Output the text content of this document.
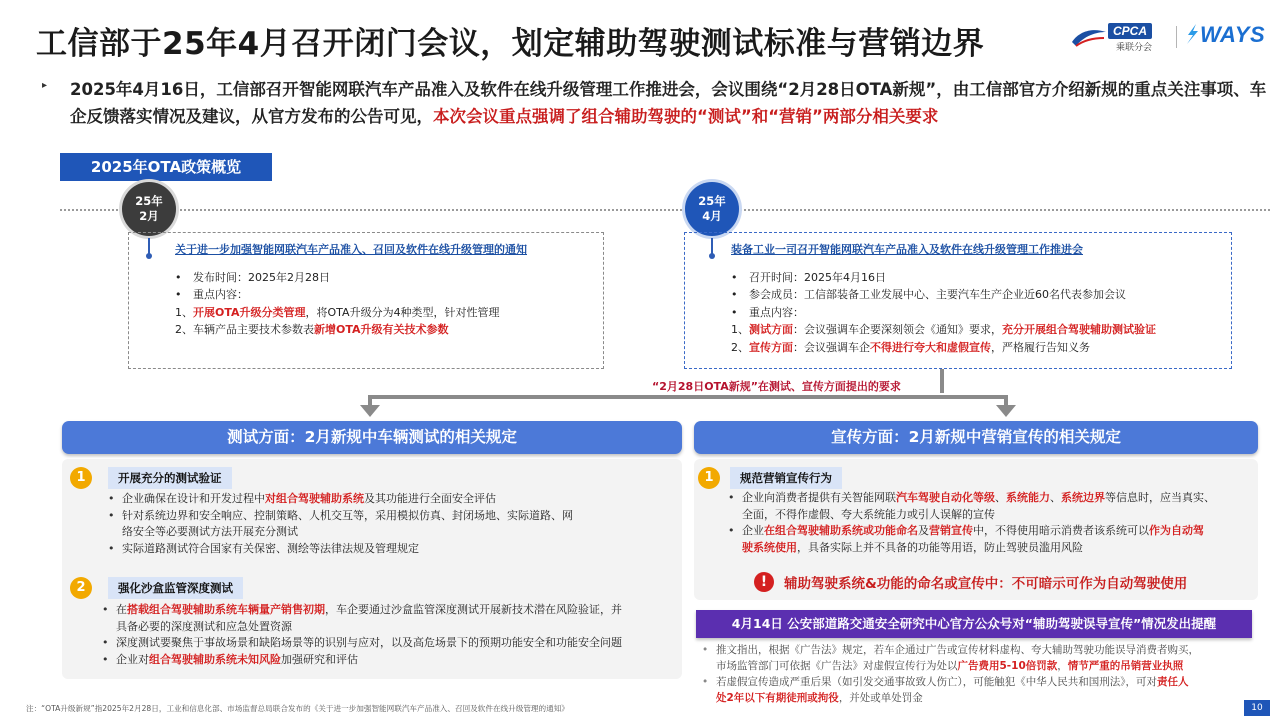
工信部于25年4月召开闭门会议，划定辅助驾驶测试标准与营销边界	CPCA
乘联分会
WAYS
▸ 2025年4月16日，工信部召开智能网联汽车产品准入及软件在线升级管理工作推进会，会议围绕“2月28日OTA新规”，由工信部官方介绍新规的重点关注事项、车企反馈落实情况及建议，从官方发布的公告可见，本次会议重点强调了组合辅助驾驶的“测试”和“营销”两部分相关要求
2025年OTA政策概览
25年
2月
25年
4月
关于进一步加强智能网联汽车产品准入、召回及软件在线升级管理的通知
• 发布时间：2025年2月28日
• 重点内容：
1、开展OTA升级分类管理，将OTA升级分为4种类型，针对性管理
2、车辆产品主要技术参数表新增OTA升级有关技术参数
装备工业一司召开智能网联汽车产品准入及软件在线升级管理工作推进会
• 召开时间：2025年4月16日
• 参会成员：工信部装备工业发展中心、主要汽车生产企业近60名代表参加会议
• 重点内容：
1、测试方面：会议强调车企要深刻领会《通知》要求，充分开展组合驾驶辅助测试验证
2、宣传方面：会议强调车企不得进行夸大和虚假宣传，严格履行告知义务
“2月28日OTA新规”在测试、宣传方面提出的要求
测试方面：2月新规中车辆测试的相关规定
1	开展充分的测试验证
• 企业确保在设计和开发过程中对组合驾驶辅助系统及其功能进行全面安全评估
• 针对系统边界和安全响应、控制策略、人机交互等，采用模拟仿真、封闭场地、实际道路、网
络安全等必要测试方法开展充分测试
• 实际道路测试符合国家有关保密、测绘等法律法规及管理规定
2	强化沙盒监管深度测试
• 在搭载组合驾驶辅助系统车辆量产销售初期，车企要通过沙盒监管深度测试开展新技术潜在风险验证，并
具备必要的深度测试和应急处置资源
• 深度测试要聚焦于事故场景和缺陷场景等的识别与应对，以及高危场景下的预期功能安全和功能安全问题
• 企业对组合驾驶辅助系统未知风险加强研究和评估
宣传方面：2月新规中营销宣传的相关规定
1	规范营销宣传行为
• 企业向消费者提供有关智能网联汽车驾驶自动化等级、系统能力、系统边界等信息时，应当真实、
全面，不得作虚假、夸大系统能力或引人误解的宣传
• 企业在组合驾驶辅助系统或功能命名及营销宣传中，不得使用暗示消费者该系统可以作为自动驾
驶系统使用，具备实际上并不具备的功能等用语，防止驾驶员滥用风险
!	辅助驾驶系统&功能的命名或宣传中：不可暗示可作为自动驾驶使用
4月14日 公安部道路交通安全研究中心官方公众号对“辅助驾驶误导宣传”情况发出提醒
• 推文指出，根据《广告法》规定，若车企通过广告或宣传材料虚构、夸大辅助驾驶功能误导消费者购买，
市场监管部门可依据《广告法》对虚假宣传行为处以广告费用5-10倍罚款，情节严重的吊销营业执照
• 若虚假宣传造成严重后果（如引发交通事故致人伤亡），可能触犯《中华人民共和国刑法》，可对责任人
处2年以下有期徒刑或拘役，并处或单处罚金
注：“OTA升级新规”指2025年2月28日，工业和信息化部、市场监督总局联合发布的《关于进一步加强智能网联汽车产品准入、召回及软件在线升级管理的通知》	10
